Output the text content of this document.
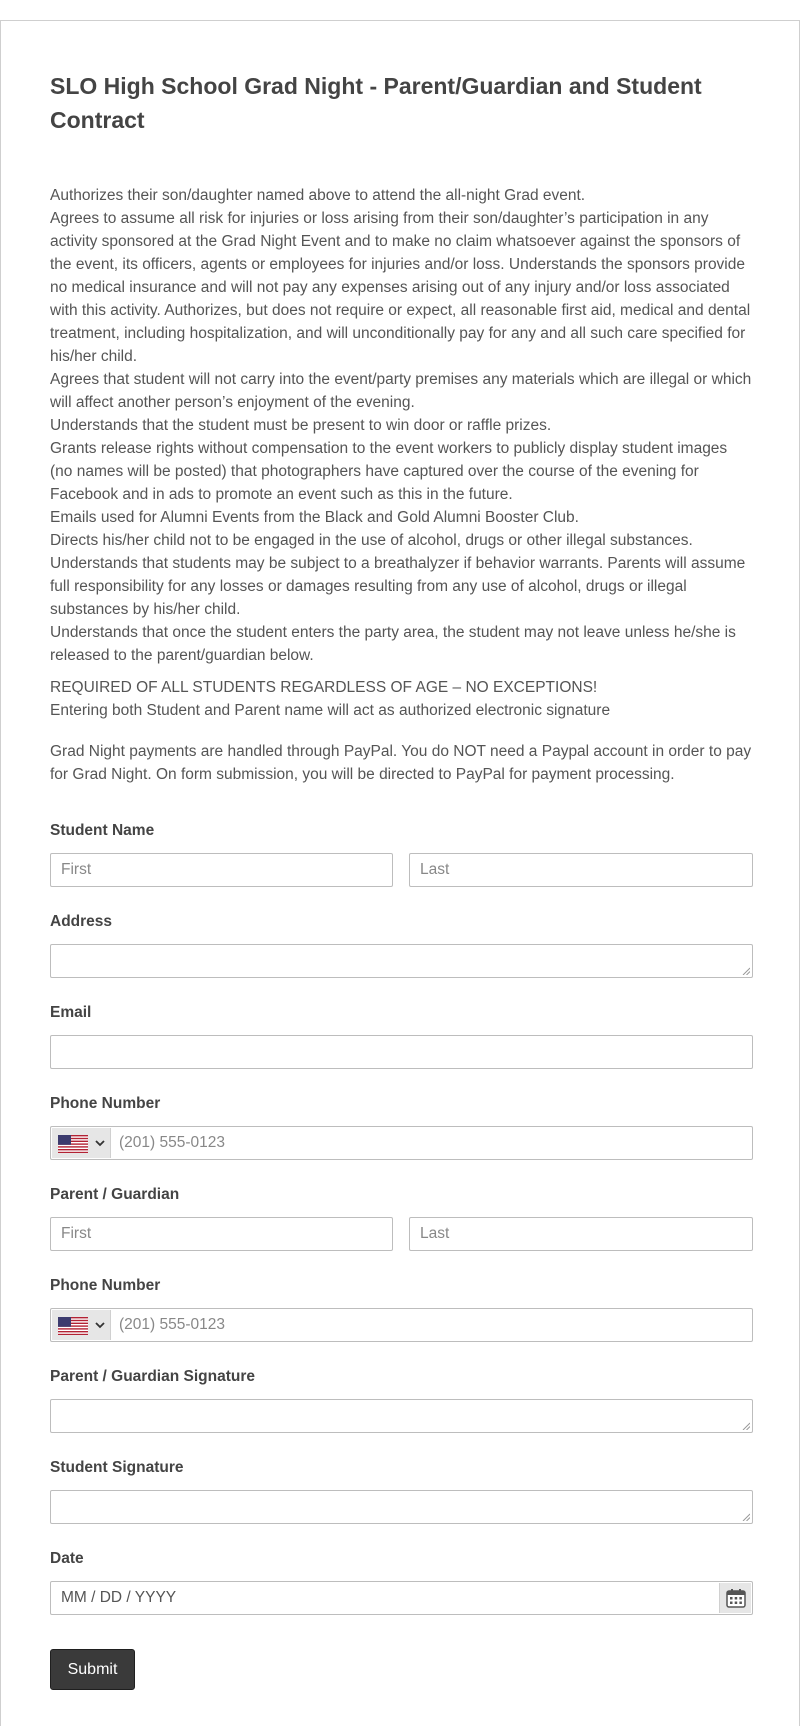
SLO High School Grad Night - Parent/Guardian and Student Contract
Authorizes their son/daughter named above to attend the all-night Grad event.
Agrees to assume all risk for injuries or loss arising from their son/daughter’s participation in any activity sponsored at the Grad Night Event and to make no claim whatsoever against the sponsors of the event, its officers, agents or employees for injuries and/or loss. Understands the sponsors provide no medical insurance and will not pay any expenses arising out of any injury and/or loss associated with this activity. Authorizes, but does not require or expect, all reasonable first aid, medical and dental treatment, including hospitalization, and will unconditionally pay for any and all such care specified for his/her child.
Agrees that student will not carry into the event/party premises any materials which are illegal or which will affect another person’s enjoyment of the evening.
Understands that the student must be present to win door or raffle prizes.
Grants release rights without compensation to the event workers to publicly display student images (no names will be posted) that photographers have captured over the course of the evening for Facebook and in ads to promote an event such as this in the future.
Emails used for Alumni Events from the Black and Gold Alumni Booster Club.
Directs his/her child not to be engaged in the use of alcohol, drugs or other illegal substances.
Understands that students may be subject to a breathalyzer if behavior warrants. Parents will assume full responsibility for any losses or damages resulting from any use of alcohol, drugs or illegal substances by his/her child.
Understands that once the student enters the party area, the student may not leave unless he/she is released to the parent/guardian below.
REQUIRED OF ALL STUDENTS REGARDLESS OF AGE – NO EXCEPTIONS!
Entering both Student and Parent name will act as authorized electronic signature
Grad Night payments are handled through PayPal. You do NOT need a Paypal account in order to pay for Grad Night. On form submission, you will be directed to PayPal for payment processing.
Student Name
First	Last
Address
Email
Phone Number
(201) 555-0123
Parent / Guardian
First	Last
Phone Number
(201) 555-0123
Parent / Guardian Signature
Student Signature
Date
MM / DD / YYYY
Submit
